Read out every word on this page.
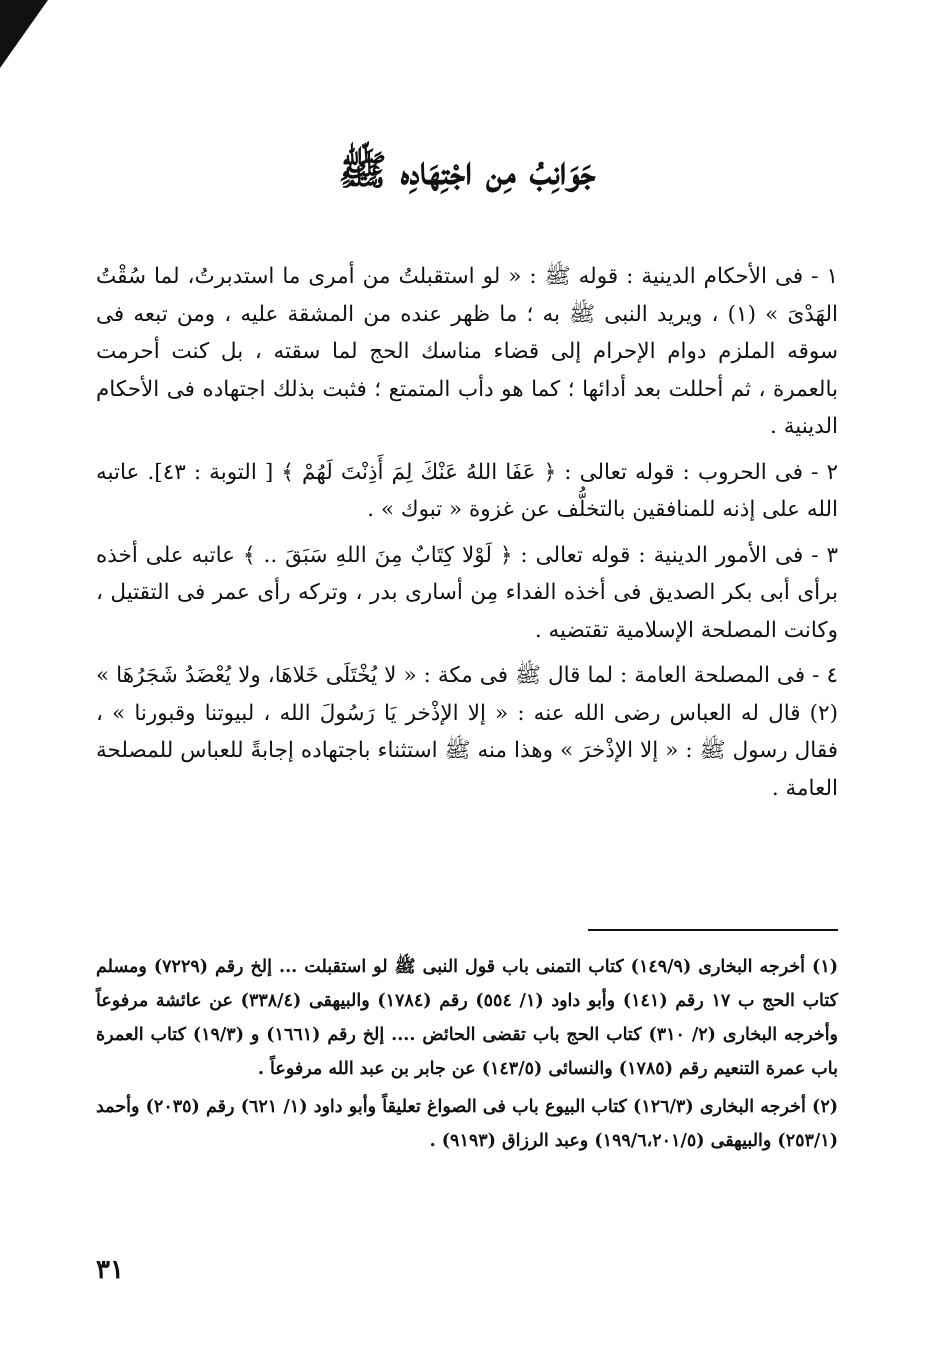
جَوَانِبُ مِن اجْتِهَادِه ﷺ

١ - فى الأحكام الدينية : قوله ﷺ : « لو استقبلتُ من أمرى ما استدبرتُ، لما سُقْتُ الهَدْىَ » (١) ، ويريد النبى ﷺ به ؛ ما ظهر عنده من المشقة عليه ، ومن تبعه فى سوقه الملزم دوام الإحرام إلى قضاء مناسك الحج لما سقته ، بل كنت أحرمت بالعمرة ، ثم أحللت بعد أدائها ؛ كما هو دأب المتمتع ؛ فثبت بذلك اجتهاده فى الأحكام الدينية .

٢ - فى الحروب : قوله تعالى : ﴿ عَفَا اللهُ عَنْكَ لِمَ أَذِنْتَ لَهُمْ ﴾ [ التوبة : ٤٣]. عاتبه الله على إذنه للمنافقين بالتخلُّف عن غزوة « تبوك » .

٣ - فى الأمور الدينية : قوله تعالى : ﴿ لَوْلا كِتَابٌ مِنَ اللهِ سَبَقَ .. ﴾ عاتبه على أخذه برأى أبى بكر الصديق فى أخذه الفداء مِن أسارى بدر ، وتركه رأى عمر فى التقتيل ، وكانت المصلحة الإسلامية تقتضيه .

٤ - فى المصلحة العامة : لما قال ﷺ فى مكة : « لا يُخْتَلَى خَلاهَا، ولا يُعْضَدُ شَجَرُهَا » (٢) قال له العباس رضى الله عنه : « إلا الإذْخر يَا رَسُولَ الله ، لبيوتنا وقبورنا » ، فقال رسول ﷺ : « إلا الإذْخرَ » وهذا منه ﷺ استثناء باجتهاده إجابةً للعباس للمصلحة العامة .

(١) أخرجه البخارى (١٤٩/٩) كتاب التمنى باب قول النبى ﷺ لو استقبلت ... إلخ رقم (٧٢٢٩) ومسلم كتاب الحج ب ١٧ رقم (١٤١) وأبو داود (١/ ٥٥٤) رقم (١٧٨٤) والبيهقى (٣٣٨/٤) عن عائشة مرفوعاً وأخرجه البخارى (٢/ ٣١٠) كتاب الحج باب تقضى الحائض .... إلخ رقم (١٦٦١) و (١٩/٣) كتاب العمرة باب عمرة التنعيم رقم (١٧٨٥) والنسائى (١٤٣/٥) عن جابر بن عبد الله مرفوعاً .

(٢) أخرجه البخارى (١٢٦/٣) كتاب البيوع باب فى الصواغ تعليقاً وأبو داود (١/ ٦٢١) رقم (٢٠٣٥) وأحمد (٢٥٣/١) والبيهقى (١٩٩/٦،٢٠١/٥) وعبد الرزاق (٩١٩٣) .

٣١
